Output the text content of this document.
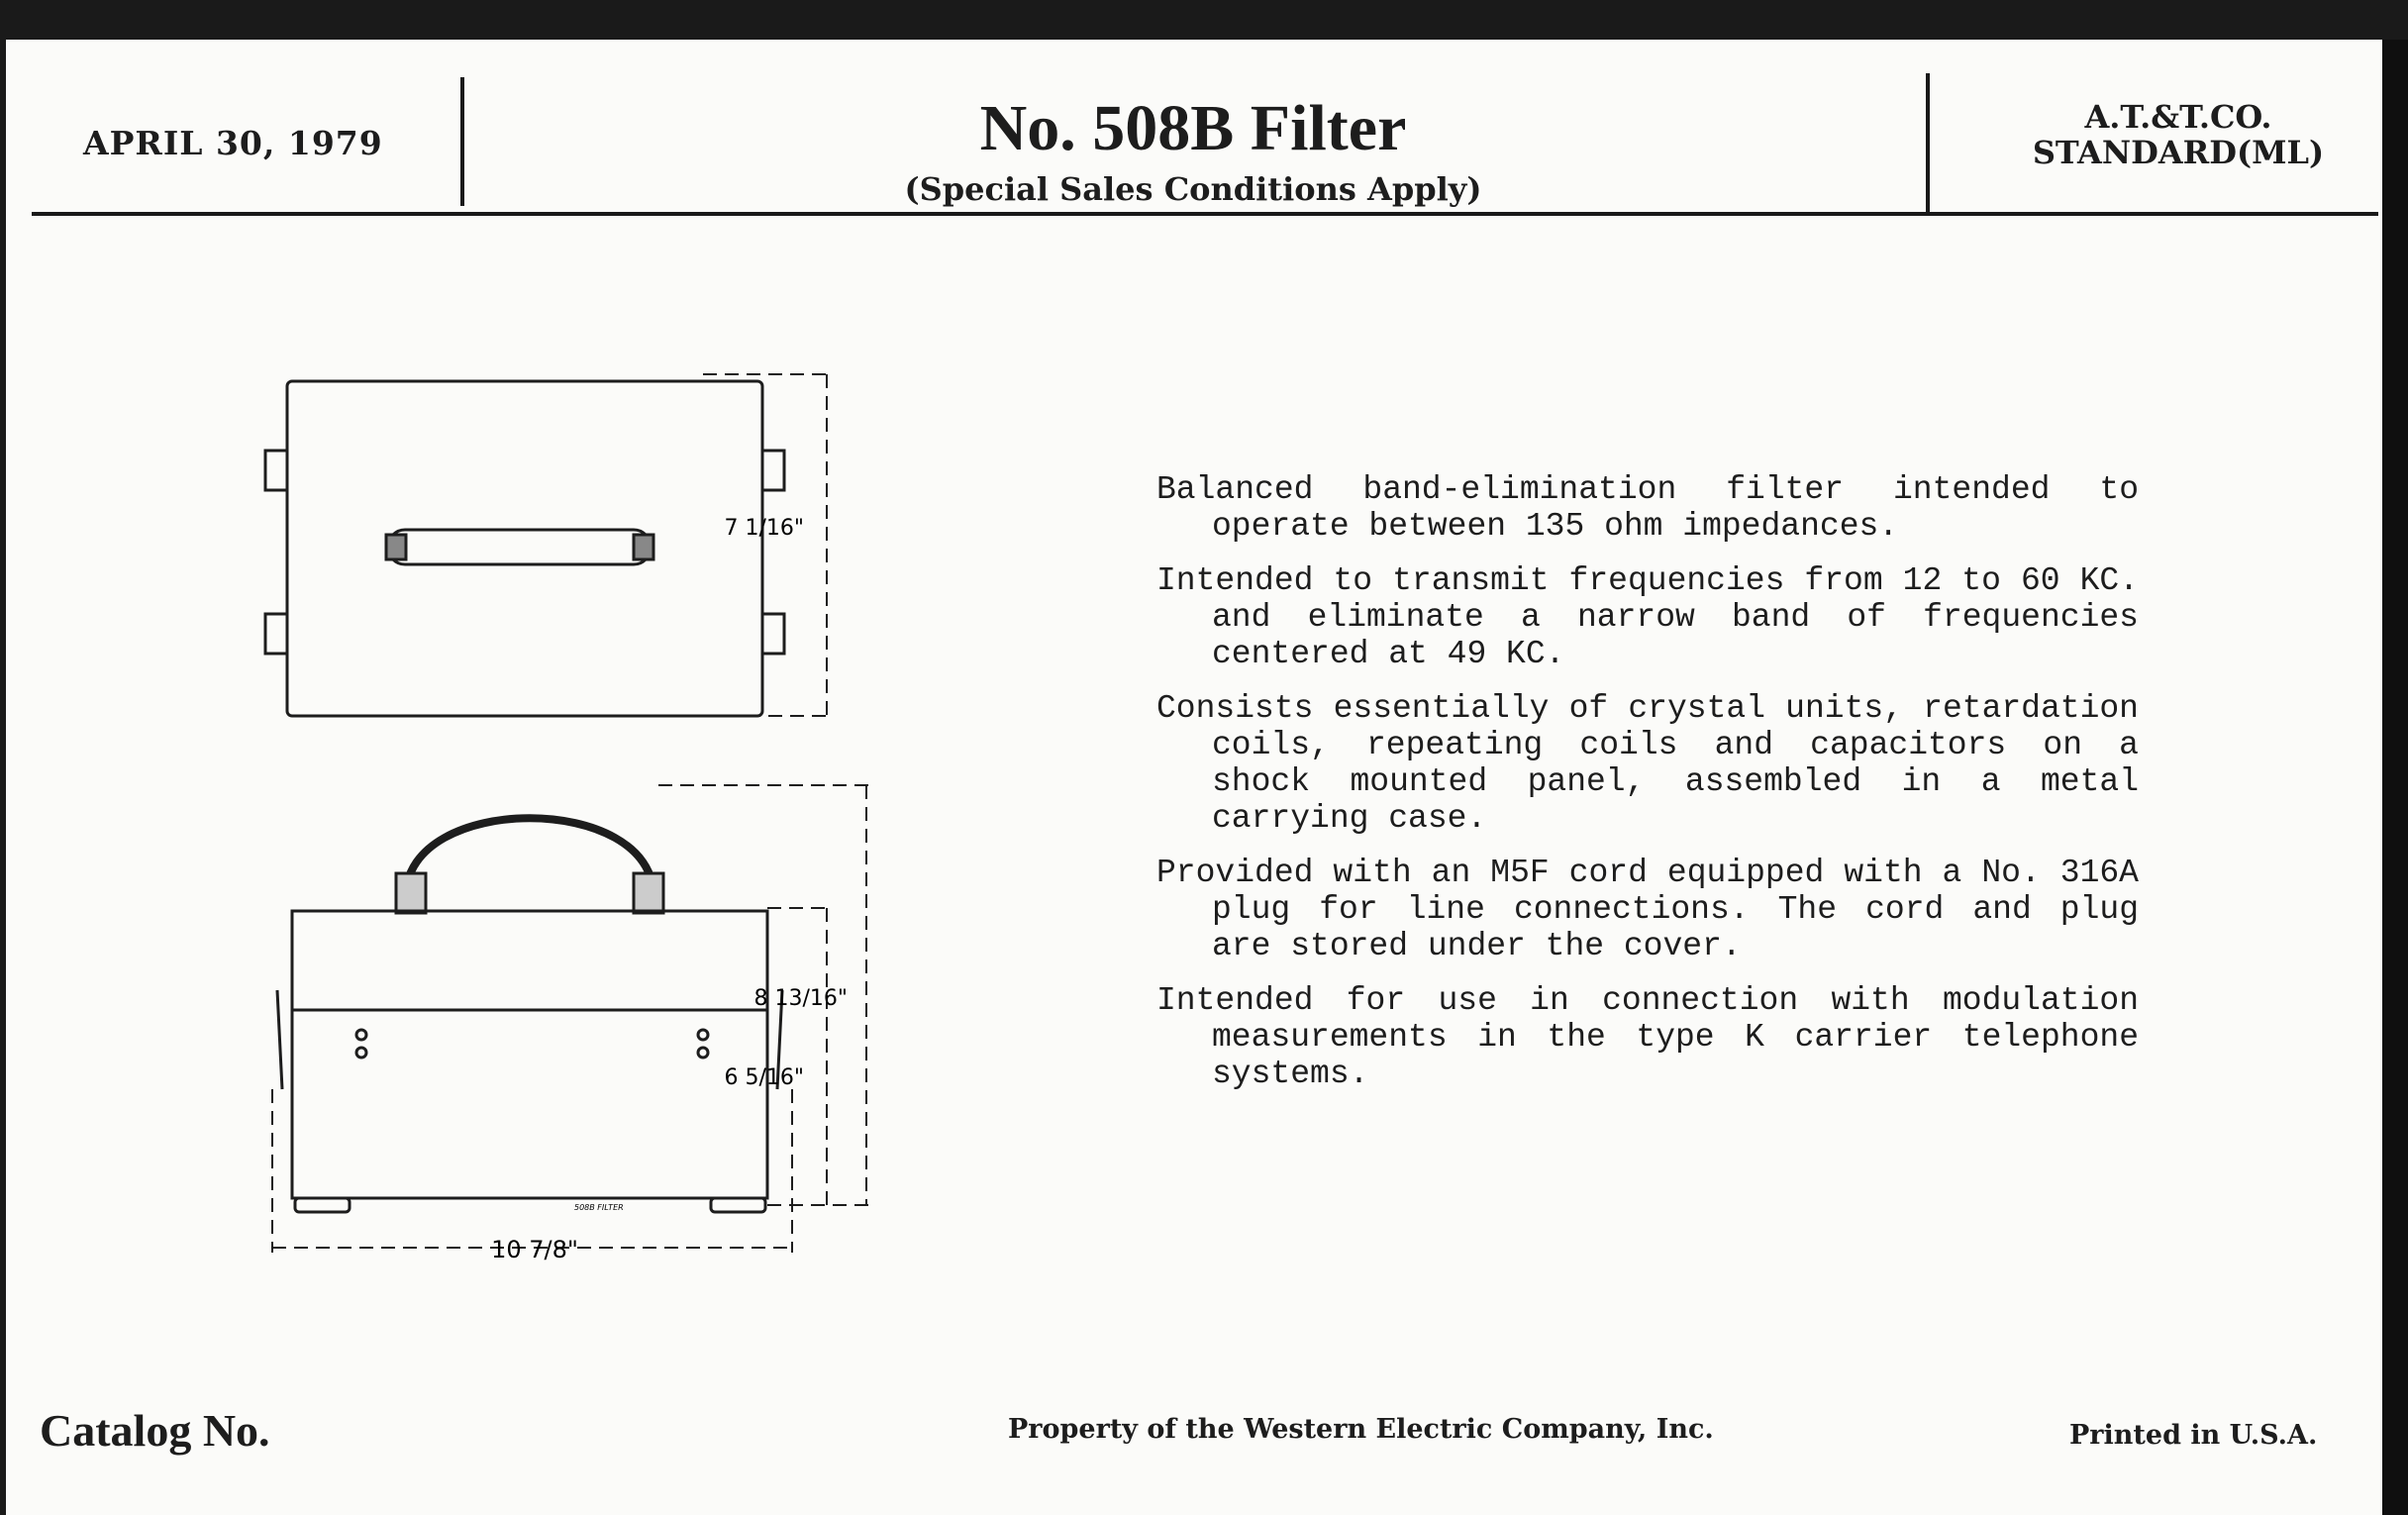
APRIL 30, 1979	No. 508B Filter
(Special Sales Conditions Apply)
A.T.&T.CO.
STANDARD(ML)
7 1/16"
508B FILTER
8 13/16"
6 5/16"
10 7/8"

Balanced band-elimination filter intended to operate between 135 ohm impedances.

Intended to transmit frequencies from 12 to 60 KC. and eliminate a narrow band of frequencies centered at 49 KC.

Consists essentially of crystal units, retardation coils, repeating coils and capacitors on a shock mounted panel, assembled in a metal carrying case.

Provided with an M5F cord equipped with a No. 316A plug for line connections. The cord and plug are stored under the cover.

Intended for use in connection with modulation measurements in the type K carrier telephone systems.

Catalog No.	Property of the Western Electric Company, Inc.	Printed in U.S.A.
